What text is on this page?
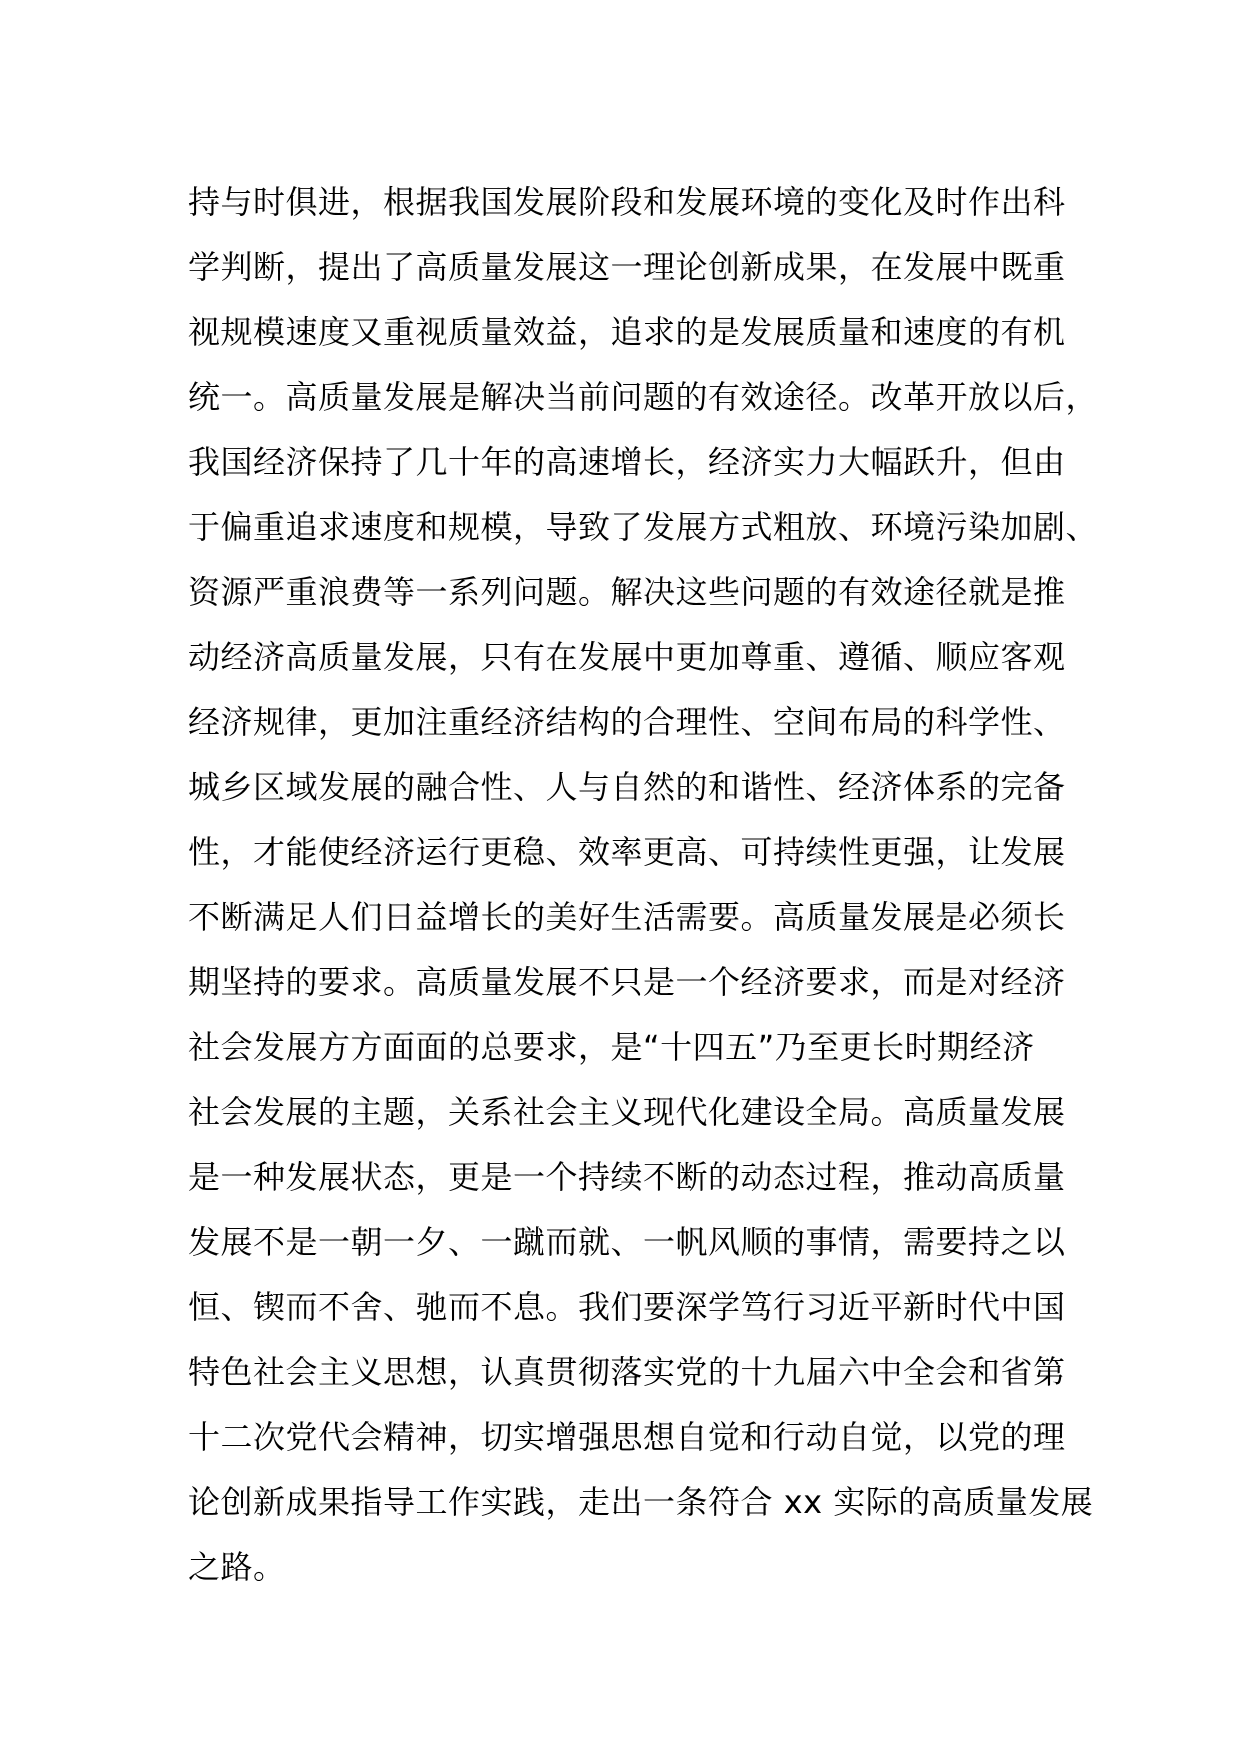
持与时俱进，根据我国发展阶段和发展环境的变化及时作出科
学判断，提出了高质量发展这一理论创新成果，在发展中既重
视规模速度又重视质量效益，追求的是发展质量和速度的有机
统一。高质量发展是解决当前问题的有效途径。改革开放以后，
我国经济保持了几十年的高速增长，经济实力大幅跃升，但由
于偏重追求速度和规模，导致了发展方式粗放、环境污染加剧、
资源严重浪费等一系列问题。解决这些问题的有效途径就是推
动经济高质量发展，只有在发展中更加尊重、遵循、顺应客观
经济规律，更加注重经济结构的合理性、空间布局的科学性、
城乡区域发展的融合性、人与自然的和谐性、经济体系的完备
性，才能使经济运行更稳、效率更高、可持续性更强，让发展
不断满足人们日益增长的美好生活需要。高质量发展是必须长
期坚持的要求。高质量发展不只是一个经济要求，而是对经济
社会发展方方面面的总要求，是“十四五”乃至更长时期经济
社会发展的主题，关系社会主义现代化建设全局。高质量发展
是一种发展状态，更是一个持续不断的动态过程，推动高质量
发展不是一朝一夕、一蹴而就、一帆风顺的事情，需要持之以
恒、锲而不舍、驰而不息。我们要深学笃行习近平新时代中国
特色社会主义思想，认真贯彻落实党的十九届六中全会和省第
十二次党代会精神，切实增强思想自觉和行动自觉，以党的理
论创新成果指导工作实践，走出一条符合 xx 实际的高质量发展
之路。
